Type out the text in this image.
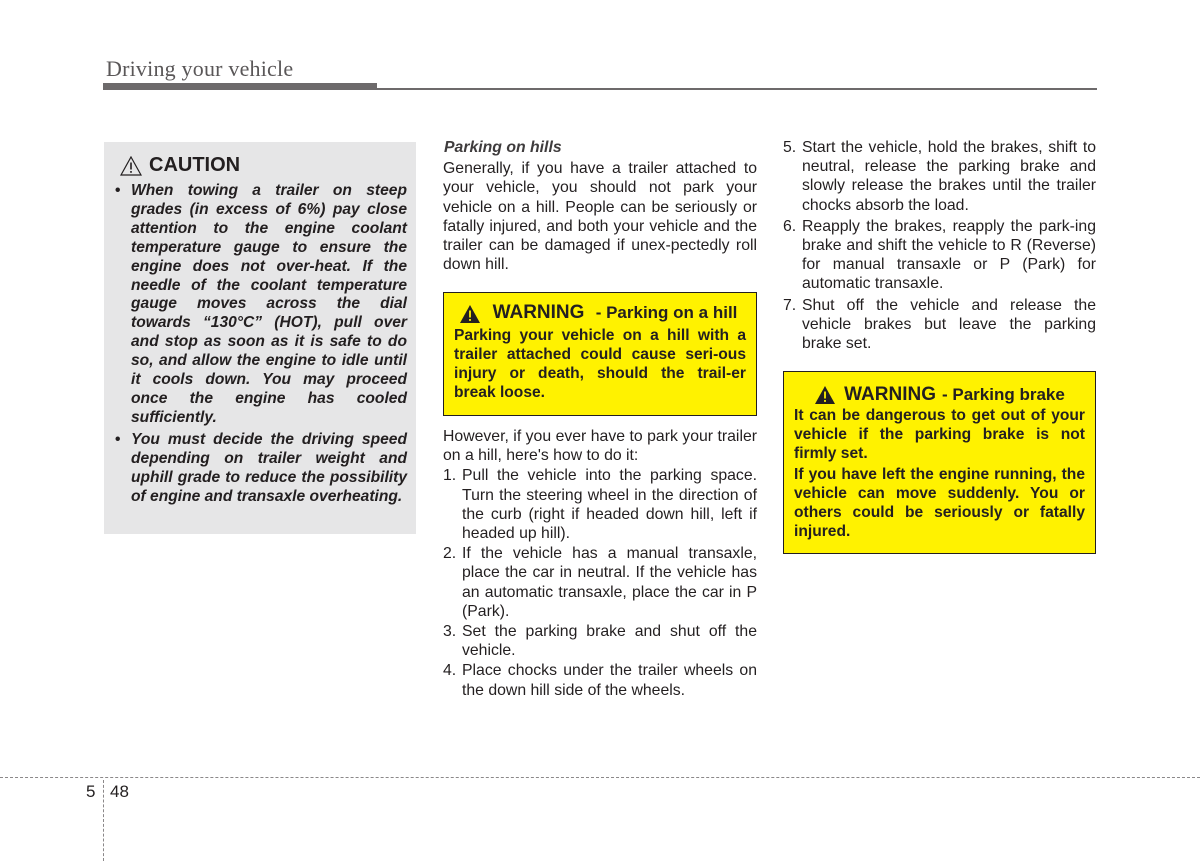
Driving your vehicle
CAUTION
• When towing a trailer on steep grades (in excess of 6%) pay close attention to the engine coolant temperature gauge to ensure the engine does not over-heat. If the needle of the coolant temperature gauge moves across the dial towards “130°C” (HOT), pull over and stop as soon as it is safe to do so, and allow the engine to idle until it cools down. You may proceed once the engine has cooled sufficiently.
• You must decide the driving speed depending on trailer weight and uphill grade to reduce the possibility of engine and transaxle overheating.
Parking on hills

Generally, if you have a trailer attached to your vehicle, you should not park your vehicle on a hill. People can be seriously or fatally injured, and both your vehicle and the trailer can be damaged if unex-pectedly roll down hill.

WARNING - Parking on a hill
Parking your vehicle on a hill with a trailer attached could cause seri-ous injury or death, should the trail-er break loose.

However, if you ever have to park your trailer on a hill, here's how to do it:

1. Pull the vehicle into the parking space. Turn the steering wheel in the direction of the curb (right if headed down hill, left if headed up hill).
2. If the vehicle has a manual transaxle, place the car in neutral. If the vehicle has an automatic transaxle, place the car in P (Park).
3. Set the parking brake and shut off the vehicle.
4. Place chocks under the trailer wheels on the down hill side of the wheels.
5. Start the vehicle, hold the brakes, shift to neutral, release the parking brake and slowly release the brakes until the trailer chocks absorb the load.
6. Reapply the brakes, reapply the park-ing brake and shift the vehicle to R (Reverse) for manual transaxle or P (Park) for automatic transaxle.
7. Shut off the vehicle and release the vehicle brakes but leave the parking brake set.
WARNING - Parking brake
It can be dangerous to get out of your vehicle if the parking brake is not firmly set.
If you have left the engine running, the vehicle can move suddenly. You or others could be seriously or fatally injured.
5 48
